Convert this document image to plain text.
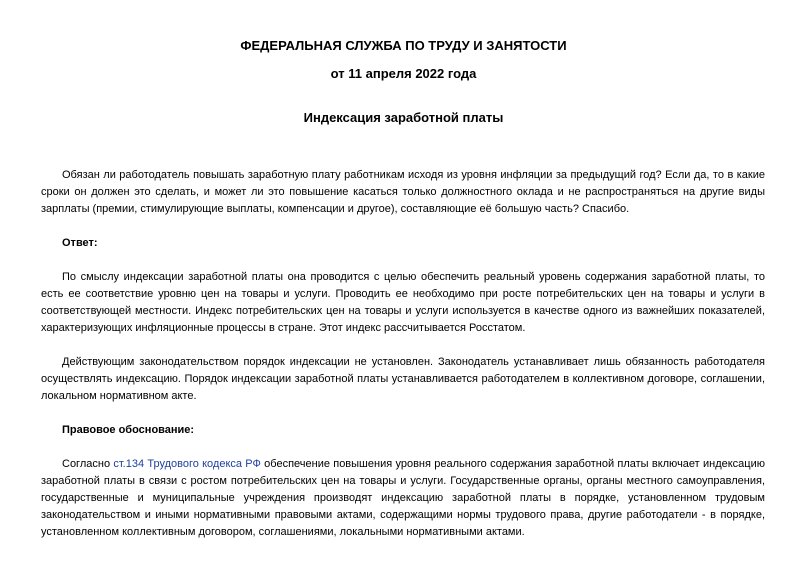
ФЕДЕРАЛЬНАЯ СЛУЖБА ПО ТРУДУ И ЗАНЯТОСТИ
от 11 апреля 2022 года
Индексация заработной платы

Обязан ли работодатель повышать заработную плату работникам исходя из уровня инфляции за предыдущий год? Если да, то в какие сроки он должен это сделать, и может ли это повышение касаться только должностного оклада и не распространяться на другие виды зарплаты (премии, стимулирующие выплаты, компенсации и другое), составляющие её большую часть? Спасибо.

Ответ:

По смыслу индексации заработной платы она проводится с целью обеспечить реальный уровень содержания заработной платы, то есть ее соответствие уровню цен на товары и услуги. Проводить ее необходимо при росте потребительских цен на товары и услуги в соответствующей местности. Индекс потребительских цен на товары и услуги используется в качестве одного из важнейших показателей, характеризующих инфляционные процессы в стране. Этот индекс рассчитывается Росстатом.

Действующим законодательством порядок индексации не установлен. Законодатель устанавливает лишь обязанность работодателя осуществлять индексацию. Порядок индексации заработной платы устанавливается работодателем в коллективном договоре, соглашении, локальном нормативном акте.

Правовое обоснование:

Согласно ст.134 Трудового кодекса РФ обеспечение повышения уровня реального содержания заработной платы включает индексацию заработной платы в связи с ростом потребительских цен на товары и услуги. Государственные органы, органы местного самоуправления, государственные и муниципальные учреждения производят индексацию заработной платы в порядке, установленном трудовым законодательством и иными нормативными правовыми актами, содержащими нормы трудового права, другие работодатели - в порядке, установленном коллективным договором, соглашениями, локальными нормативными актами.
